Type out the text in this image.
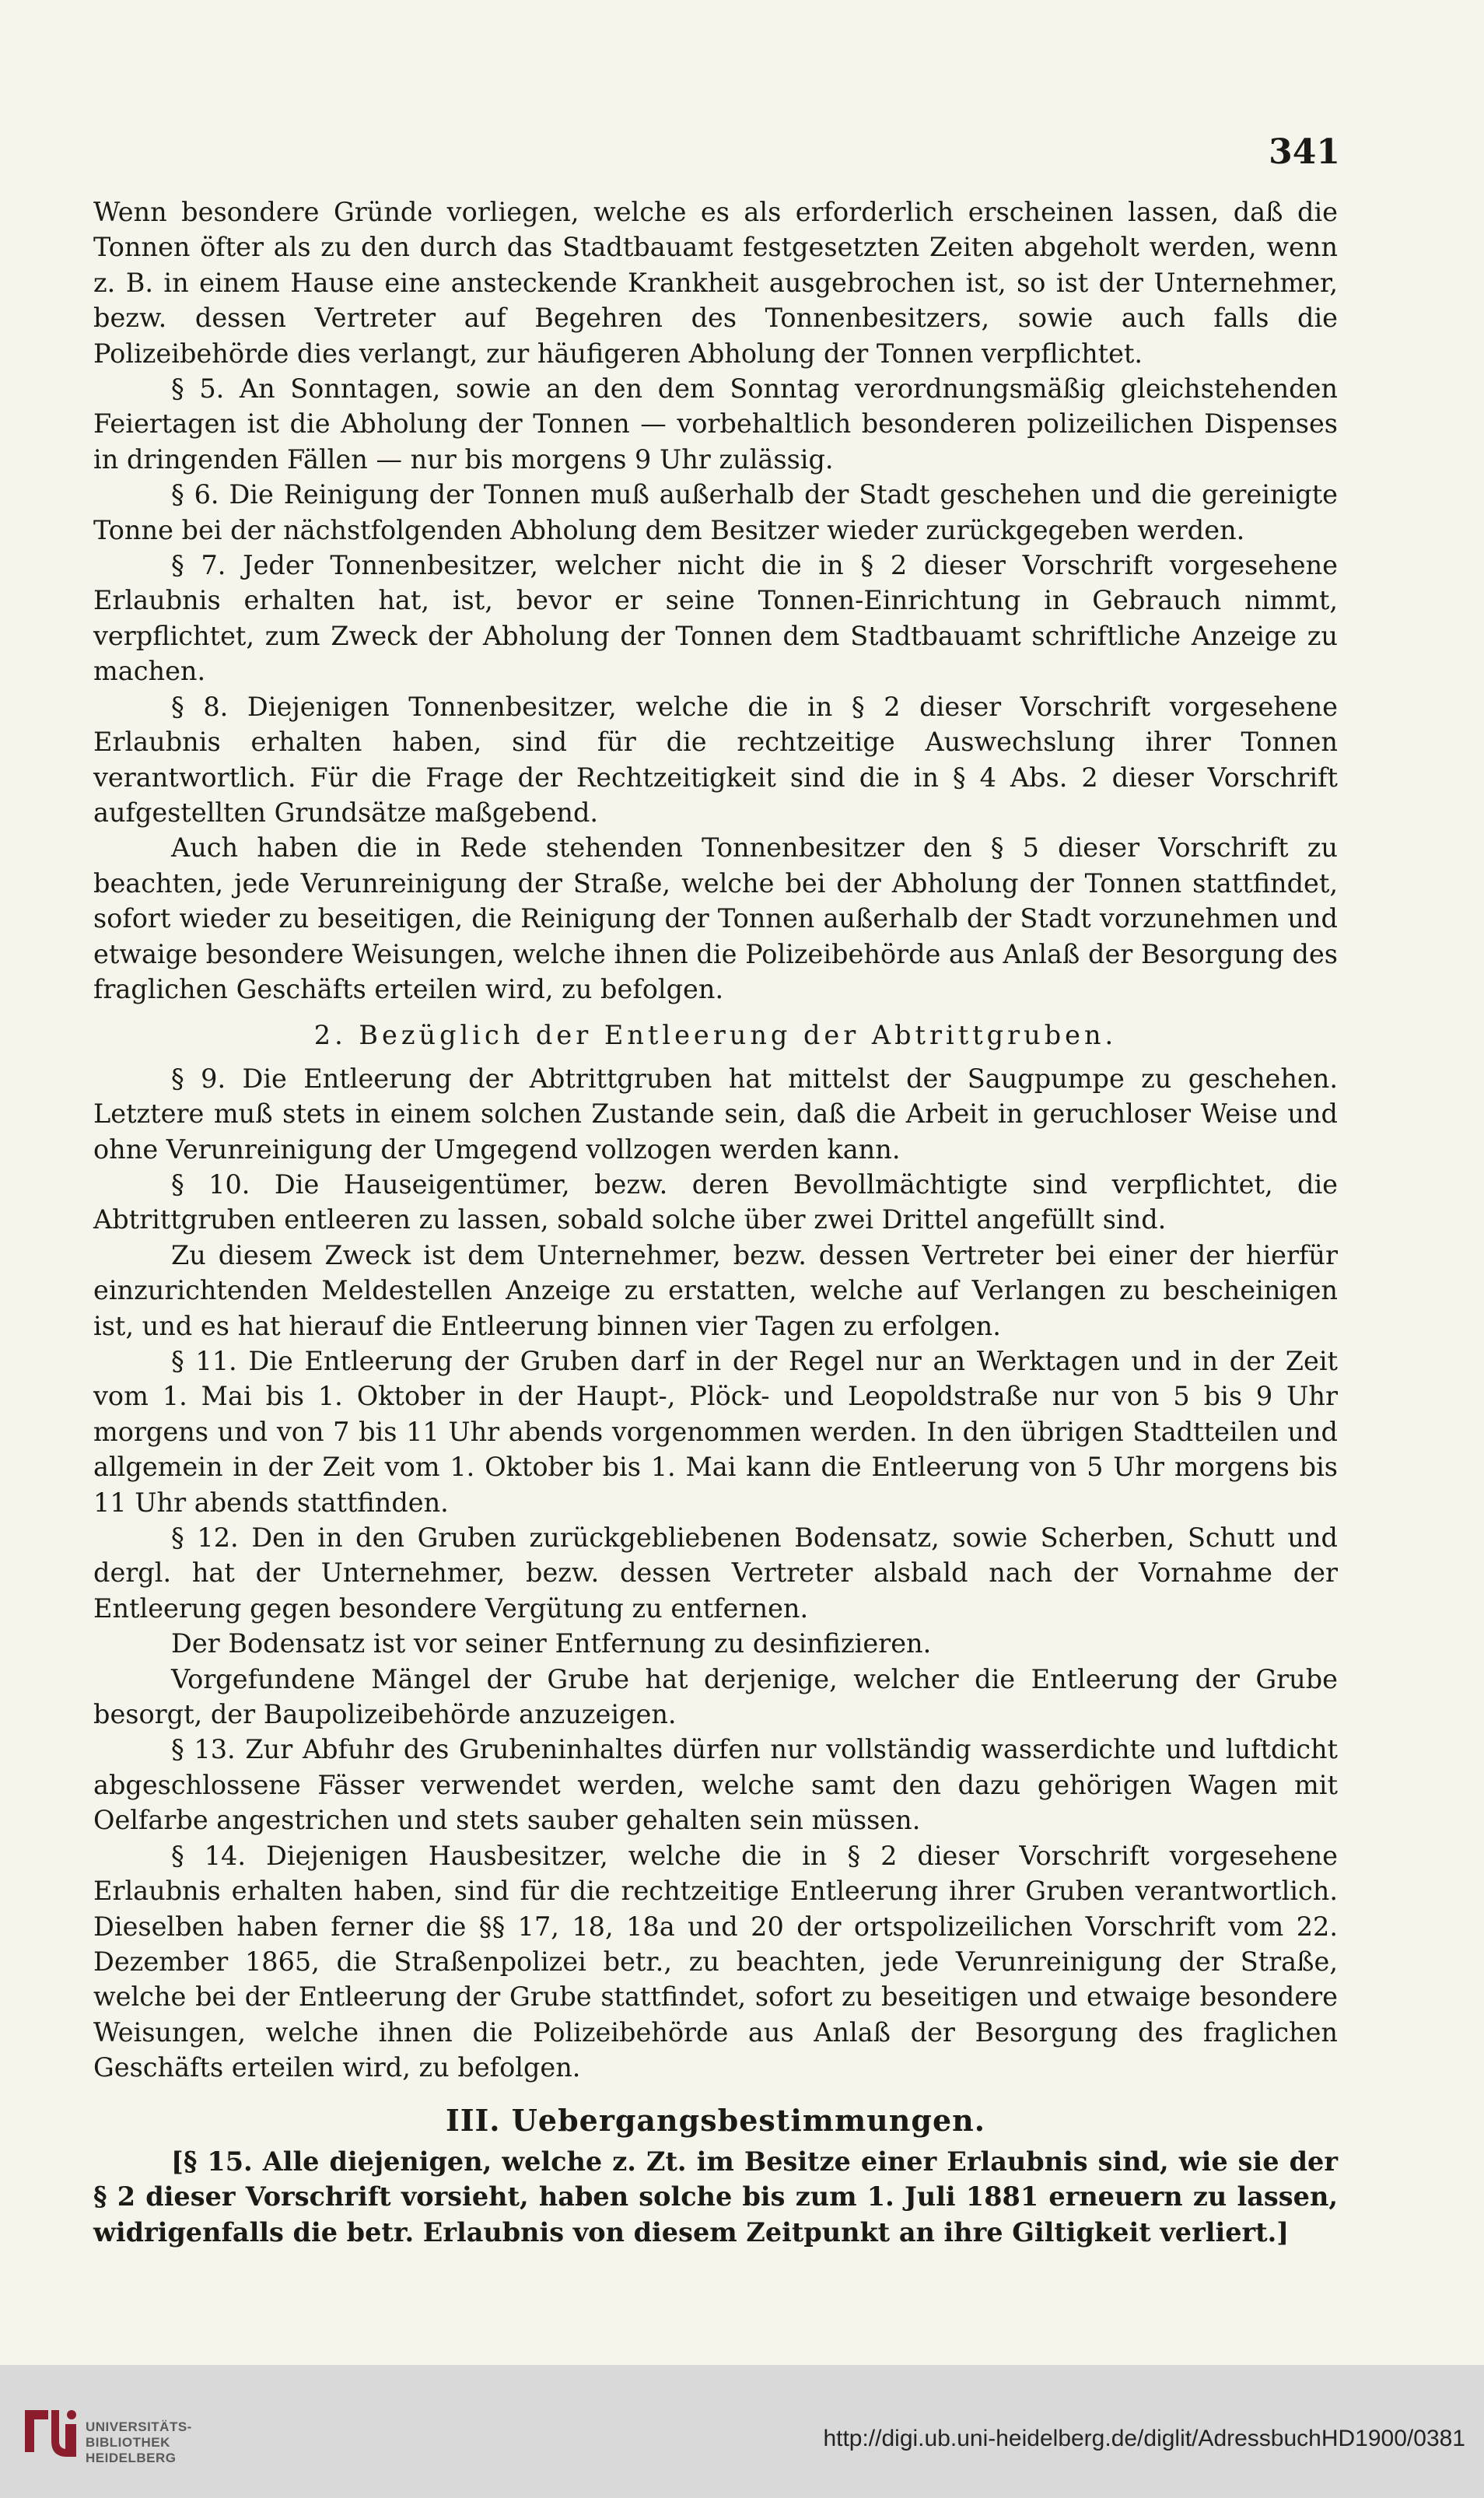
341

Wenn besondere Gründe vorliegen, welche es als erforderlich erscheinen lassen, daß die Tonnen öfter als zu den durch das Stadtbauamt festgesetzten Zeiten abgeholt werden, wenn z. B. in einem Hause eine ansteckende Krankheit ausgebrochen ist, so ist der Unternehmer, bezw. dessen Vertreter auf Begehren des Tonnenbesitzers, sowie auch falls die Polizeibehörde dies verlangt, zur häufigeren Abholung der Tonnen verpflichtet.

§ 5. An Sonntagen, sowie an den dem Sonntag verordnungsmäßig gleichstehenden Feiertagen ist die Abholung der Tonnen — vorbehaltlich besonderen polizeilichen Dispenses in dringenden Fällen — nur bis morgens 9 Uhr zulässig.

§ 6. Die Reinigung der Tonnen muß außerhalb der Stadt geschehen und die gereinigte Tonne bei der nächstfolgenden Abholung dem Besitzer wieder zurückgegeben werden.

§ 7. Jeder Tonnenbesitzer, welcher nicht die in § 2 dieser Vorschrift vorgesehene Erlaubnis erhalten hat, ist, bevor er seine Tonnen-Einrichtung in Gebrauch nimmt, verpflichtet, zum Zweck der Abholung der Tonnen dem Stadtbauamt schriftliche Anzeige zu machen.

§ 8. Diejenigen Tonnenbesitzer, welche die in § 2 dieser Vorschrift vorgesehene Erlaubnis erhalten haben, sind für die rechtzeitige Auswechslung ihrer Tonnen verantwortlich. Für die Frage der Rechtzeitigkeit sind die in § 4 Abs. 2 dieser Vorschrift aufgestellten Grundsätze maßgebend.

Auch haben die in Rede stehenden Tonnenbesitzer den § 5 dieser Vorschrift zu beachten, jede Verunreinigung der Straße, welche bei der Abholung der Tonnen stattfindet, sofort wieder zu beseitigen, die Reinigung der Tonnen außerhalb der Stadt vorzunehmen und etwaige besondere Weisungen, welche ihnen die Polizeibehörde aus Anlaß der Besorgung des fraglichen Geschäfts erteilen wird, zu befolgen.

2. Bezüglich der Entleerung der Abtrittgruben.

§ 9. Die Entleerung der Abtrittgruben hat mittelst der Saugpumpe zu geschehen. Letztere muß stets in einem solchen Zustande sein, daß die Arbeit in geruchloser Weise und ohne Verunreinigung der Umgegend vollzogen werden kann.

§ 10. Die Hauseigentümer, bezw. deren Bevollmächtigte sind verpflichtet, die Abtrittgruben entleeren zu lassen, sobald solche über zwei Drittel angefüllt sind.

Zu diesem Zweck ist dem Unternehmer, bezw. dessen Vertreter bei einer der hierfür einzurichtenden Meldestellen Anzeige zu erstatten, welche auf Verlangen zu bescheinigen ist, und es hat hierauf die Entleerung binnen vier Tagen zu erfolgen.

§ 11. Die Entleerung der Gruben darf in der Regel nur an Werktagen und in der Zeit vom 1. Mai bis 1. Oktober in der Haupt-, Plöck- und Leopoldstraße nur von 5 bis 9 Uhr morgens und von 7 bis 11 Uhr abends vorgenommen werden. In den übrigen Stadtteilen und allgemein in der Zeit vom 1. Oktober bis 1. Mai kann die Entleerung von 5 Uhr morgens bis 11 Uhr abends stattfinden.

§ 12. Den in den Gruben zurückgebliebenen Bodensatz, sowie Scherben, Schutt und dergl. hat der Unternehmer, bezw. dessen Vertreter alsbald nach der Vornahme der Entleerung gegen besondere Vergütung zu entfernen.

Der Bodensatz ist vor seiner Entfernung zu desinfizieren.

Vorgefundene Mängel der Grube hat derjenige, welcher die Entleerung der Grube besorgt, der Baupolizeibehörde anzuzeigen.

§ 13. Zur Abfuhr des Grubeninhaltes dürfen nur vollständig wasserdichte und luftdicht abgeschlossene Fässer verwendet werden, welche samt den dazu gehörigen Wagen mit Oelfarbe angestrichen und stets sauber gehalten sein müssen.

§ 14. Diejenigen Hausbesitzer, welche die in § 2 dieser Vorschrift vorgesehene Erlaubnis erhalten haben, sind für die rechtzeitige Entleerung ihrer Gruben verantwortlich. Dieselben haben ferner die §§ 17, 18, 18a und 20 der ortspolizeilichen Vorschrift vom 22. Dezember 1865, die Straßenpolizei betr., zu beachten, jede Verunreinigung der Straße, welche bei der Entleerung der Grube stattfindet, sofort zu beseitigen und etwaige besondere Weisungen, welche ihnen die Polizeibehörde aus Anlaß der Besorgung des fraglichen Geschäfts erteilen wird, zu befolgen.

III. Uebergangsbestimmungen.

[§ 15. Alle diejenigen, welche z. Zt. im Besitze einer Erlaubnis sind, wie sie der § 2 dieser Vorschrift vorsieht, haben solche bis zum 1. Juli 1881 erneuern zu lassen, widrigenfalls die betr. Erlaubnis von diesem Zeitpunkt an ihre Giltigkeit verliert.]

UNIVERSITÄTS-
BIBLIOTHEK
HEIDELBERG
http://digi.ub.uni-heidelberg.de/diglit/AdressbuchHD1900/0381
